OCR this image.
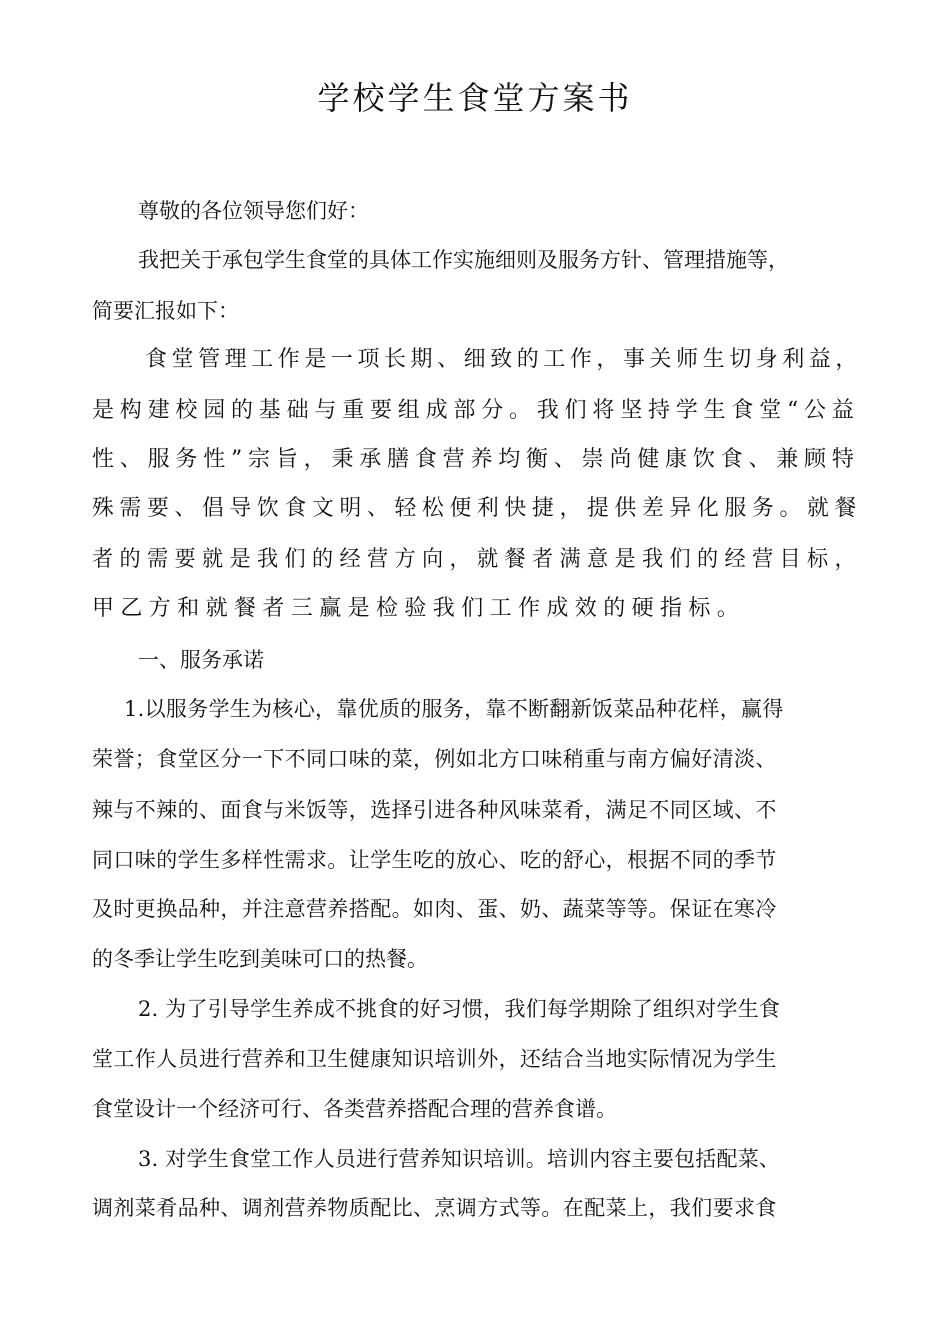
学校学生食堂方案书
尊敬的各位领导您们好：
我把关于承包学生食堂的具体工作实施细则及服务方针、管理措施等，
简要汇报如下：
食堂管理工作是一项长期、细致的工作，事关师生切身利益，
是构建校园的基础与重要组成部分。我们将坚持学生食堂“公益
性、服务性”宗旨，秉承膳食营养均衡、崇尚健康饮食、兼顾特
殊需要、倡导饮食文明、轻松便利快捷，提供差异化服务。就餐
者的需要就是我们的经营方向，就餐者满意是我们的经营目标，
甲乙方和就餐者三赢是检验我们工作成效的硬指标。
一、服务承诺
1.以服务学生为核心，靠优质的服务，靠不断翻新饭菜品种花样，赢得
荣誉；食堂区分一下不同口味的菜，例如北方口味稍重与南方偏好清淡、
辣与不辣的、面食与米饭等，选择引进各种风味菜肴，满足不同区域、不
同口味的学生多样性需求。让学生吃的放心、吃的舒心，根据不同的季节
及时更换品种，并注意营养搭配。如肉、蛋、奶、蔬菜等等。保证在寒冷
的冬季让学生吃到美味可口的热餐。
2. 为了引导学生养成不挑食的好习惯，我们每学期除了组织对学生食
堂工作人员进行营养和卫生健康知识培训外，还结合当地实际情况为学生
食堂设计一个经济可行、各类营养搭配合理的营养食谱。
3. 对学生食堂工作人员进行营养知识培训。培训内容主要包括配菜、
调剂菜肴品种、调剂营养物质配比、烹调方式等。在配菜上，我们要求食
